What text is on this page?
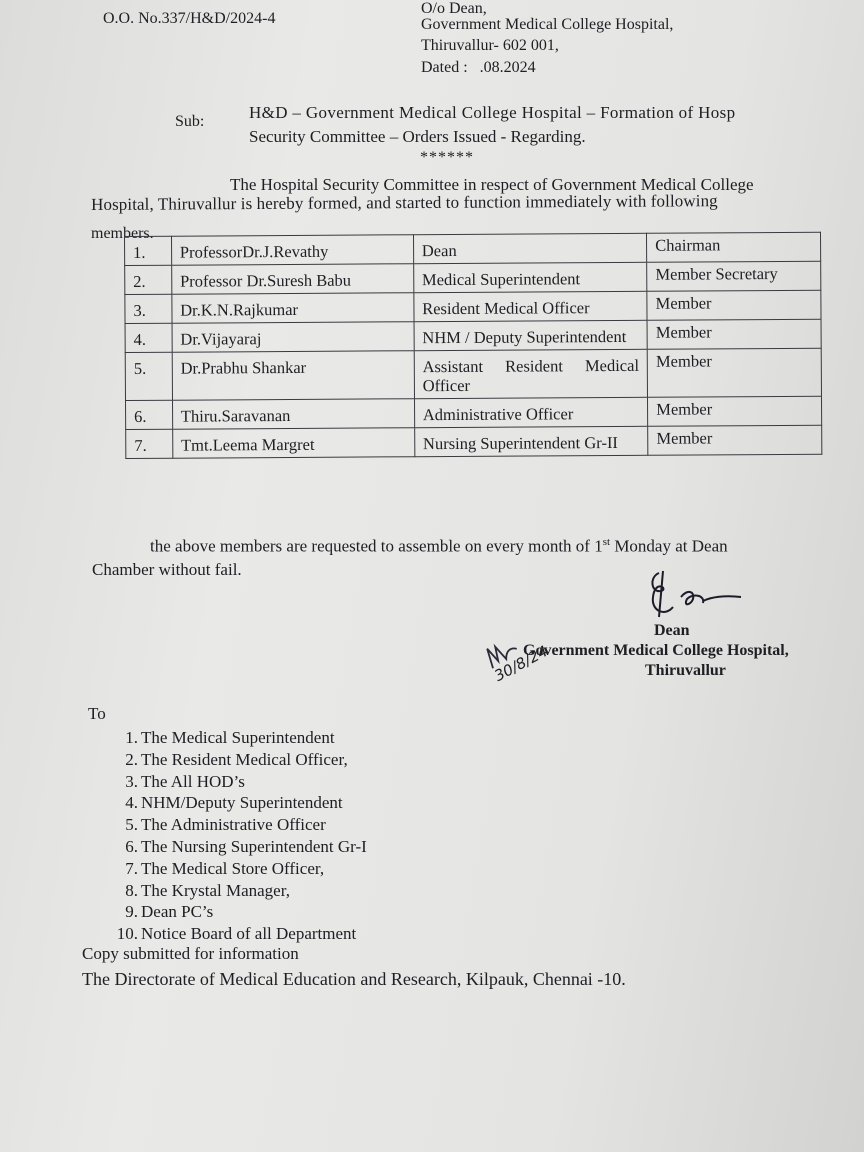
O.O. No.337/H&D/2024-4
O/o Dean,
Government Medical College Hospital,
Thiruvallur- 602 001,
Dated : .08.2024
Sub:	H&D – Government Medical College Hospital – Formation of Hosp
Security Committee – Orders Issued - Regarding.
******
The Hospital Security Committee in respect of Government Medical College
Hospital, Thiruvallur is hereby formed, and started to function immediately with following
members.
1.	ProfessorDr.J.Revathy	Dean	Chairman
2.	Professor Dr.Suresh Babu	Medical Superintendent	Member Secretary
3.	Dr.K.N.Rajkumar	Resident Medical Officer	Member
4.	Dr.Vijayaraj	NHM / Deputy Superintendent	Member
5.	Dr.Prabhu Shankar	Assistant Resident Medical Officer	Member
6.	Thiru.Saravanan	Administrative Officer	Member
7.	Tmt.Leema Margret	Nursing Superintendent Gr-II	Member
the above members are requested to assemble on every month of 1st Monday at Dean
Chamber without fail.
Dean
Government Medical College Hospital,
Thiruvallur
30/8/24
To
1. The Medical Superintendent
2. The Resident Medical Officer,
3. The All HOD’s
4. NHM/Deputy Superintendent
5. The Administrative Officer
6. The Nursing Superintendent Gr-I
7. The Medical Store Officer,
8. The Krystal Manager,
9. Dean PC’s
10. Notice Board of all Department
Copy submitted for information
The Directorate of Medical Education and Research, Kilpauk, Chennai -10.
